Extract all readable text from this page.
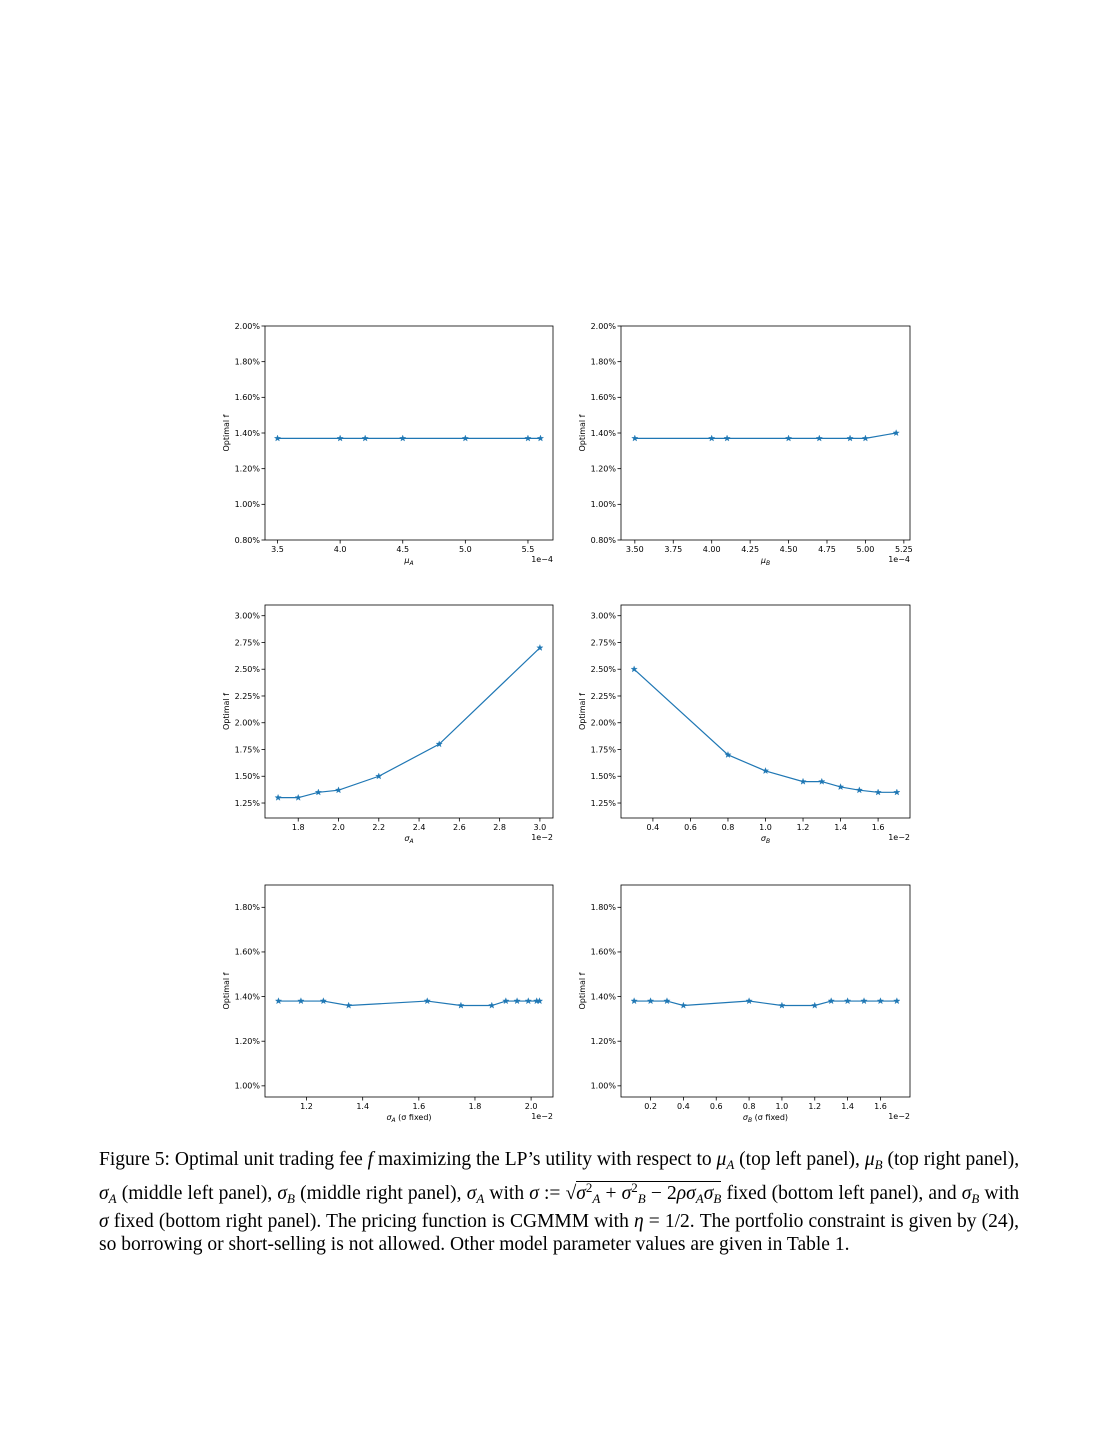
0.80%
1.00%
1.20%
1.40%
1.60%
1.80%
2.00%
3.5	4.0	4.5	5.0	5.5
1e−4
$\mu_A$
Optimal f
0.80%
1.00%
1.20%
1.40%
1.60%
1.80%
2.00%
3.50	3.75	4.00	4.25	4.50	4.75	5.00	5.25
1e−4
$\mu_B$
Optimal f
1.25%
1.50%
1.75%
2.00%
2.25%
2.50%
2.75%
3.00%
1.8	2.0	2.2	2.4	2.6	2.8	3.0
1e−2
$\sigma_A$
Optimal f
1.25%
1.50%
1.75%
2.00%
2.25%
2.50%
2.75%
3.00%
0.4	0.6	0.8	1.0	1.2	1.4	1.6
1e−2
$\sigma_B$
Optimal f
1.00%
1.20%
1.40%
1.60%
1.80%
1.2	1.4	1.6	1.8	2.0
1e−2
$\sigma_A$ (σ fixed)
Optimal f
1.00%
1.20%
1.40%
1.60%
1.80%
0.2	0.4	0.6	0.8	1.0	1.2	1.4	1.6
1e−2
$\sigma_B$ (σ fixed)
Optimal f
Figure 5: Optimal unit trading fee f maximizing the LP’s utility with respect to $\mu_A$ (top left panel), $\mu_B$ (top right panel), $\sigma_A$ (middle left panel), $\sigma_B$ (middle right panel), $\sigma_A$ with σ := $√\sigma^2_A + \sigma^2_B - 2\rho\sigma_A\sigma_B$ fixed (bottom left panel), and $\sigma_B$ with σ fixed (bottom right panel). The pricing function is CGMMM with η = 1/2. The portfolio constraint is given by (24), so borrowing or short-selling is not allowed. Other model parameter values are given in Table 1.
